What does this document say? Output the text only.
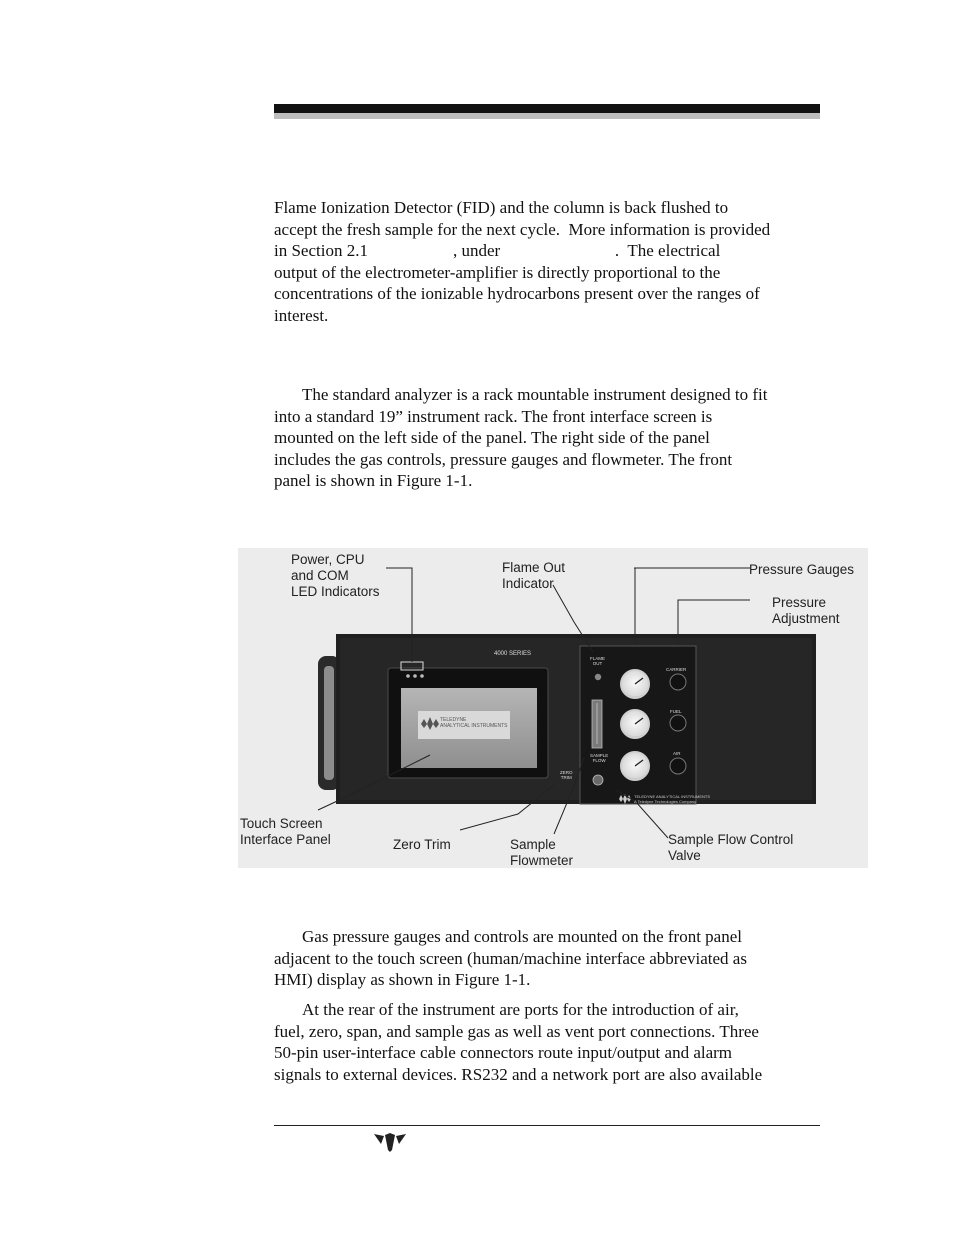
Flame Ionization Detector (FID) and the column is back flushed to
accept the fresh sample for the next cycle.  More information is provided
in Section 2.1                    , under                           .  The electrical
output of the electrometer-amplifier is directly proportional to the
concentrations of the ionizable hydrocarbons present over the ranges of
interest.

The standard analyzer is a rack mountable instrument designed to fit
into a standard 19” instrument rack. The front interface screen is
mounted on the left side of the panel. The right side of the panel
includes the gas controls, pressure gauges and flowmeter. The front
panel is shown in Figure 1-1.

4000 SERIES
FLAME
OUT
TELEDYNE
ANALYTICAL INSTRUMENTS
CARRIER
FUEL
AIR
SAMPLE
FLOW
ZERO
TRIM
TELEDYNE ANALYTICAL INSTRUMENTS
A Teledyne Technologies Company
Power, CPU
and COM
LED Indicators
Flame Out
Indicator
Pressure Gauges
Pressure
Adjustment
Touch Screen
Interface Panel	Zero Trim	Sample
Flowmeter
Sample Flow Control
Valve

Gas pressure gauges and controls are mounted on the front panel
adjacent to the touch screen (human/machine interface abbreviated as
HMI) display as shown in Figure 1-1.

At the rear of the instrument are ports for the introduction of air,
fuel, zero, span, and sample gas as well as vent port connections. Three
50-pin user-interface cable connectors route input/output and alarm
signals to external devices. RS232 and a network port are also available
